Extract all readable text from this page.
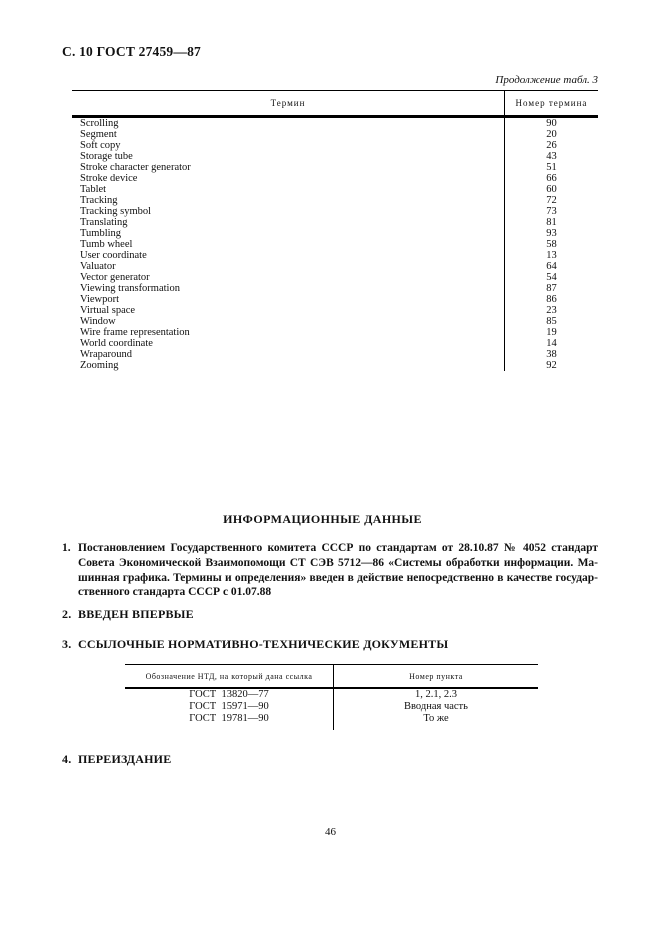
С. 10 ГОСТ 27459—87
Продолжение табл. 3
Термин	Номер термина
Scrolling	90
Segment	20
Soft copy	26
Storage tube	43
Stroke character generator	51
Stroke device	66
Tablet	60
Tracking	72
Tracking symbol	73
Translating	81
Tumbling	93
Tumb wheel	58
User coordinate	13
Valuator	64
Vector generator	54
Viewing transformation	87
Viewport	86
Virtual space	23
Window	85
Wire frame representation	19
World coordinate	14
Wraparound	38
Zooming	92
ИНФОРМАЦИОННЫЕ ДАННЫЕ
1. Постановлением Государственного комитета СССР по стандартам от 28.10.87 № 4052 стандарт
Совета Экономической Взаимопомощи СТ СЭВ 5712—86 «Системы обработки информации. Ма-
шинная графика. Термины и определения» введен в действие непосредственно в качестве государ-
ственного стандарта СССР с 01.07.88
2. ВВЕДЕН ВПЕРВЫЕ
3. ССЫЛОЧНЫЕ НОРМАТИВНО-ТЕХНИЧЕСКИЕ ДОКУМЕНТЫ
Обозначение НТД, на который дана ссылка	Номер пункта
ГОСТ  13820—77	1, 2.1, 2.3
ГОСТ  15971—90	Вводная часть
ГОСТ  19781—90	То же
4. ПЕРЕИЗДАНИЕ
46
